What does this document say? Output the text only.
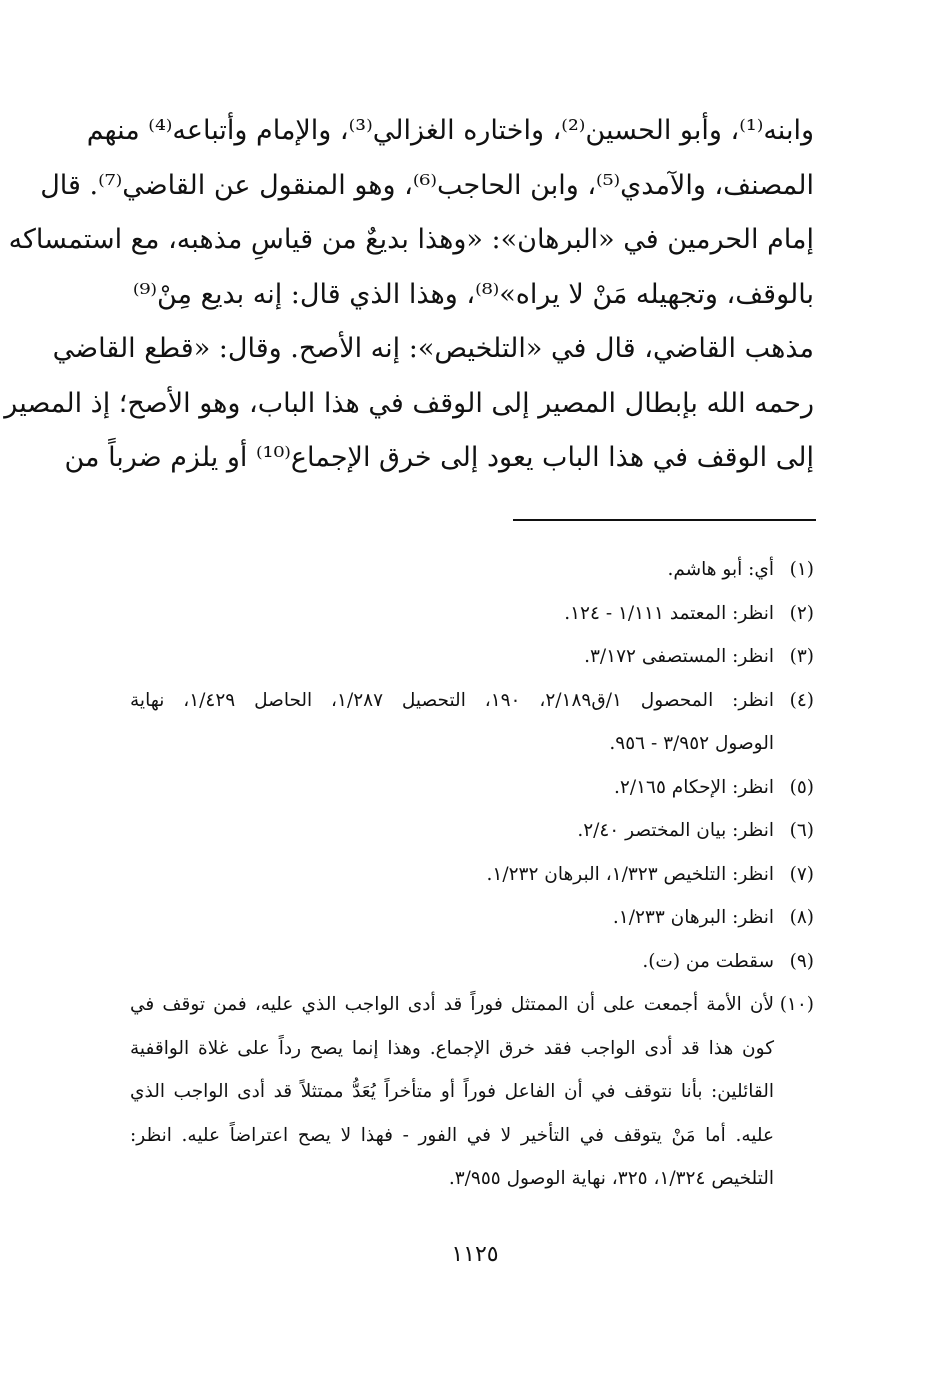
وابنه⁽¹⁾، وأبو الحسين⁽²⁾، واختاره الغزالي⁽³⁾، والإمام وأتباعه⁽⁴⁾ منهم
المصنف، والآمدي⁽⁵⁾، وابن الحاجب⁽⁶⁾، وهو المنقول عن القاضي⁽⁷⁾. قال
إمام الحرمين في «البرهان»: «وهذا بديعٌ من قياسِ مذهبه، مع استمساكه
بالوقف، وتجهيله مَنْ لا يراه»⁽⁸⁾، وهذا الذي قال: إنه بديع مِنْ⁽⁹⁾
مذهب القاضي، قال في «التلخيص»: إنه الأصح. وقال: «قطع القاضي
رحمه الله بإبطال المصير إلى الوقف في هذا الباب، وهو الأصح؛ إذ المصير
إلى الوقف في هذا الباب يعود إلى خرق الإجماع⁽¹⁰⁾ أو يلزم ضرباً من
(١)أي: أبو هاشم.
(٢)انظر: المعتمد ١/١١١ - ١٢٤.
(٣)انظر: المستصفى ٣/١٧٢.
(٤)انظر: المحصول ١/ق٢/١٨٩، ١٩٠، التحصيل ١/٢٨٧، الحاصل ١/٤٢٩، نهاية
الوصول ٣/٩٥٢ - ٩٥٦.
(٥)انظر: الإحكام ٢/١٦٥.
(٦)انظر: بيان المختصر ٢/٤٠.
(٧)انظر: التلخيص ١/٣٢٣، البرهان ١/٢٣٢.
(٨)انظر: البرهان ١/٢٣٣.
(٩)سقطت من (ت).
(١٠)لأن الأمة أجمعت على أن الممتثل فوراً قد أدى الواجب الذي عليه، فمن توقف في
كون هذا قد أدى الواجب فقد خرق الإجماع. وهذا إنما يصح رداً على غلاة الواقفية
القائلين: بأنا نتوقف في أن الفاعل فوراً أو متأخراً يُعَدُّ ممتثلاً قد أدى الواجب الذي
عليه. أما مَنْ يتوقف في التأخير لا في الفور - فهذا لا يصح اعتراضاً عليه. انظر:
التلخيص ١/٣٢٤، ٣٢٥، نهاية الوصول ٣/٩٥٥.
١١٢٥
